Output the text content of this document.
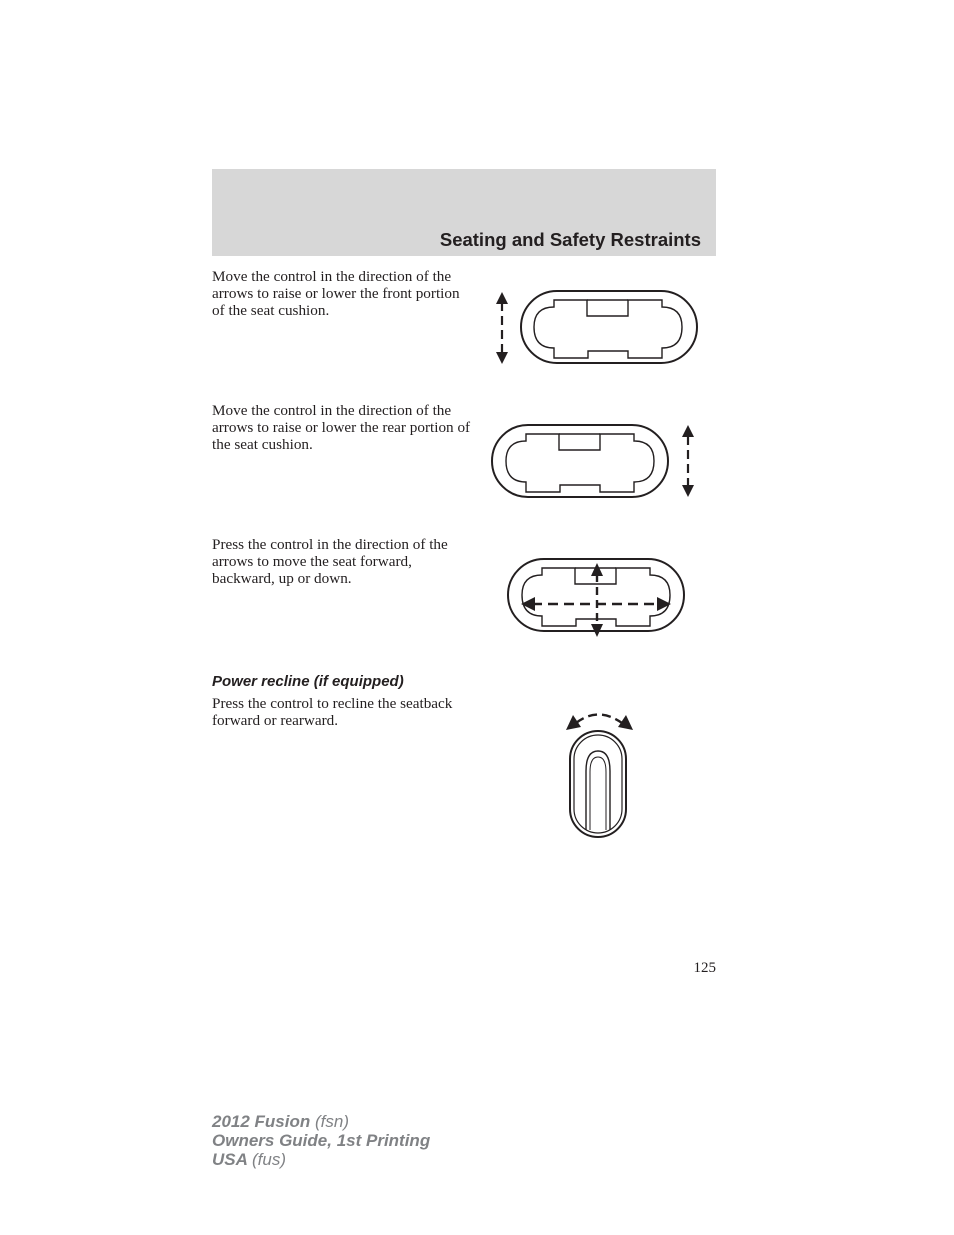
Seating and Safety Restraints
Move the control in the direction of the arrows to raise or lower the front portion of the seat cushion.
Move the control in the direction of the arrows to raise or lower the rear portion of the seat cushion.
Press the control in the direction of the arrows to move the seat forward, backward, up or down.
Power recline (if equipped)
Press the control to recline the seatback forward or rearward.
125
2012 Fusion (fsn)
Owners Guide, 1st Printing
USA (fus)
